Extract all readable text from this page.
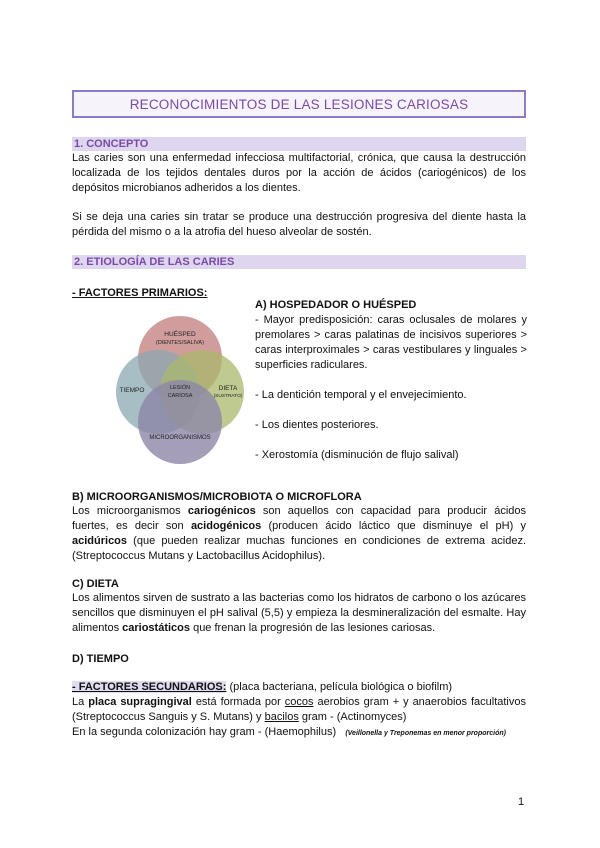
RECONOCIMIENTOS DE LAS LESIONES CARIOSAS
1. CONCEPTO
Las caries son una enfermedad infecciosa multifactorial, crónica, que causa la destrucción localizada de los tejidos dentales duros por la acción de ácidos (cariogénicos) de los depósitos microbianos adheridos a los dientes.
Si se deja una caries sin tratar se produce una destrucción progresiva del diente hasta la pérdida del mismo o a la atrofia del hueso alveolar de sostén.
2. ETIOLOGÍA DE LAS CARIES
- FACTORES PRIMARIOS:
HUÉSPED
(DIENTES/SALIVA)
TIEMPO	DIETA
(SUSTRATO)
MICROORGANISMOS
LESIÓN
CARIOSA

A) HOSPEDADOR O HUÉSPED

- Mayor predisposición: caras oclusales de molares y premolares > caras palatinas de incisivos superiores > caras interproximales > caras vestibulares y linguales > superficies radiculares.

- La dentición temporal y el envejecimiento.

- Los dientes posteriores.

- Xerostomía (disminución de flujo salival)

B) MICROORGANISMOS/MICROBIOTA O MICROFLORA
Los microorganismos cariogénicos son aquellos con capacidad para producir ácidos fuertes, es decir son acidogénicos (producen ácido láctico que disminuye el pH) y acidúricos (que pueden realizar muchas funciones en condiciones de extrema acidez. (Streptococcus Mutans y Lactobacillus Acidophilus).
C) DIETA
Los alimentos sirven de sustrato a las bacterias como los hidratos de carbono o los azúcares sencillos que disminuyen el pH salival (5,5) y empieza la desmineralización del esmalte. Hay alimentos cariostáticos que frenan la progresión de las lesiones cariosas.
D) TIEMPO
- FACTORES SECUNDARIOS: (placa bacteriana, película biológica o biofilm)
La placa supragingival está formada por cocos aerobios gram + y anaerobios facultativos (Streptococcus Sanguis y S. Mutans) y bacilos gram - (Actinomyces)
En la segunda colonización hay gram - (Haemophilus) (Veillonella y Treponemas en menor proporción)
1
